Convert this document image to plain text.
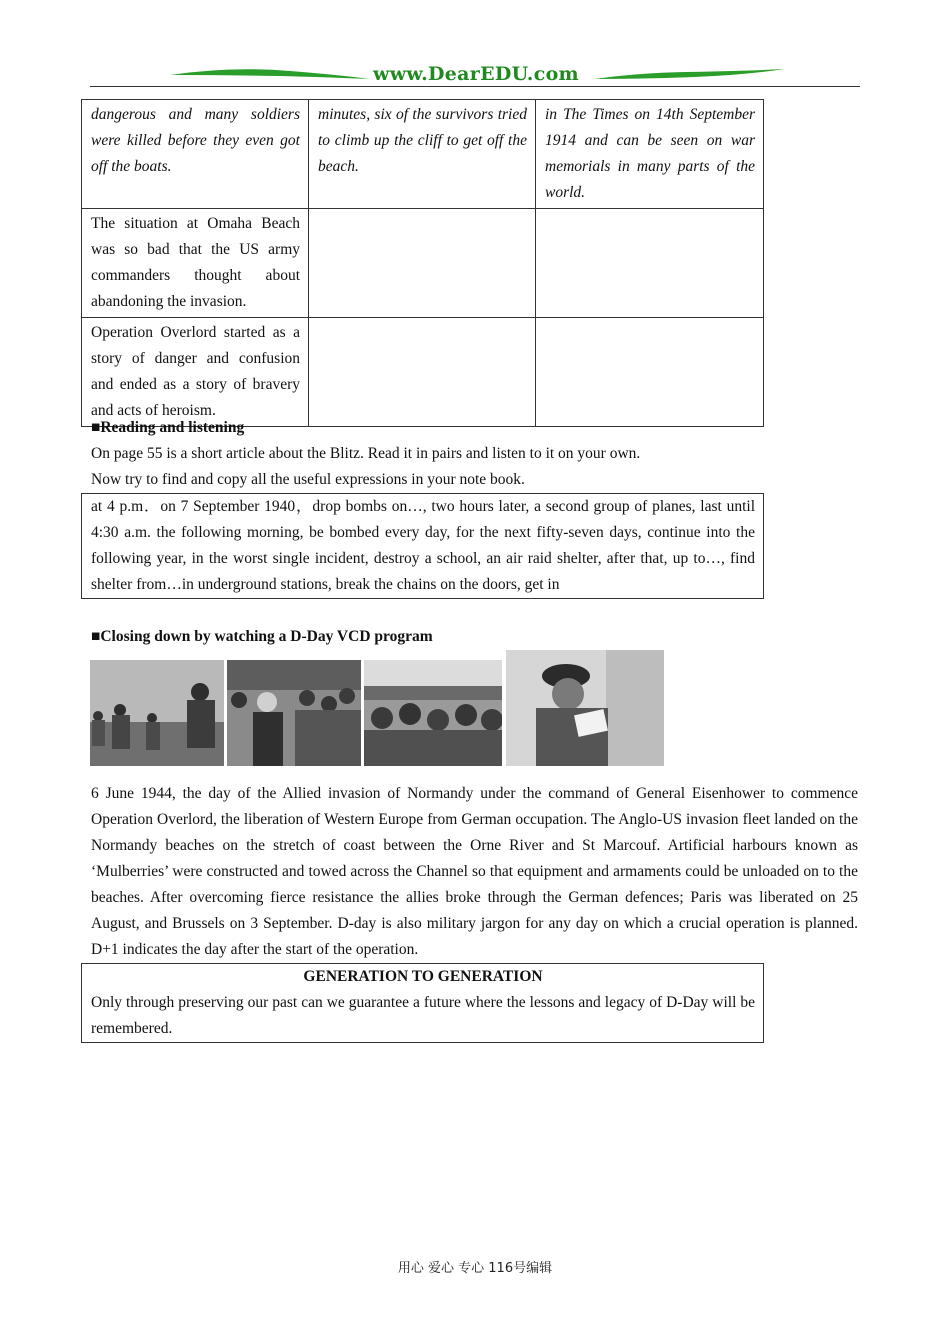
www.DearEDU.com
dangerous and many soldiers were killed before they even got off the boats.	minutes, six of the survivors tried to climb up the cliff to get off the beach.	in The Times on 14th September 1914 and can be seen on war memorials in many parts of the world.
The situation at Omaha Beach was so bad that the US army commanders thought about abandoning the invasion.		
Operation Overlord started as a story of danger and confusion and ended as a story of bravery and acts of heroism.		
■Reading and listening
On page 55 is a short article about the Blitz. Read it in pairs and listen to it on your own.
Now try to find and copy all the useful expressions in your note book.
at 4 p.m．on 7 September 1940，drop bombs on…, two hours later, a second group of planes, last until 4:30 a.m. the following morning, be bombed every day, for the next fifty-seven days, continue into the following year, in the worst single incident, destroy a school, an air raid shelter, after that, up to…, find shelter from…in underground stations, break the chains on the doors, get in
■Closing down by watching a D-Day VCD program
6 June 1944, the day of the Allied invasion of Normandy under the command of General Eisenhower to commence Operation Overlord, the liberation of Western Europe from German occupation. The Anglo-US invasion fleet landed on the Normandy beaches on the stretch of coast between the Orne River and St Marcouf. Artificial harbours known as ‘Mulberries’ were constructed and towed across the Channel so that equipment and armaments could be unloaded on to the beaches. After overcoming fierce resistance the allies broke through the German defences; Paris was liberated on 25 August, and Brussels on 3 September. D-day is also military jargon for any day on which a crucial operation is planned. D+1 indicates the day after the start of the operation.
GENERATION TO GENERATION
Only through preserving our past can we guarantee a future where the lessons and legacy of D-Day will be remembered.
用心 爱心 专心 116号编辑
